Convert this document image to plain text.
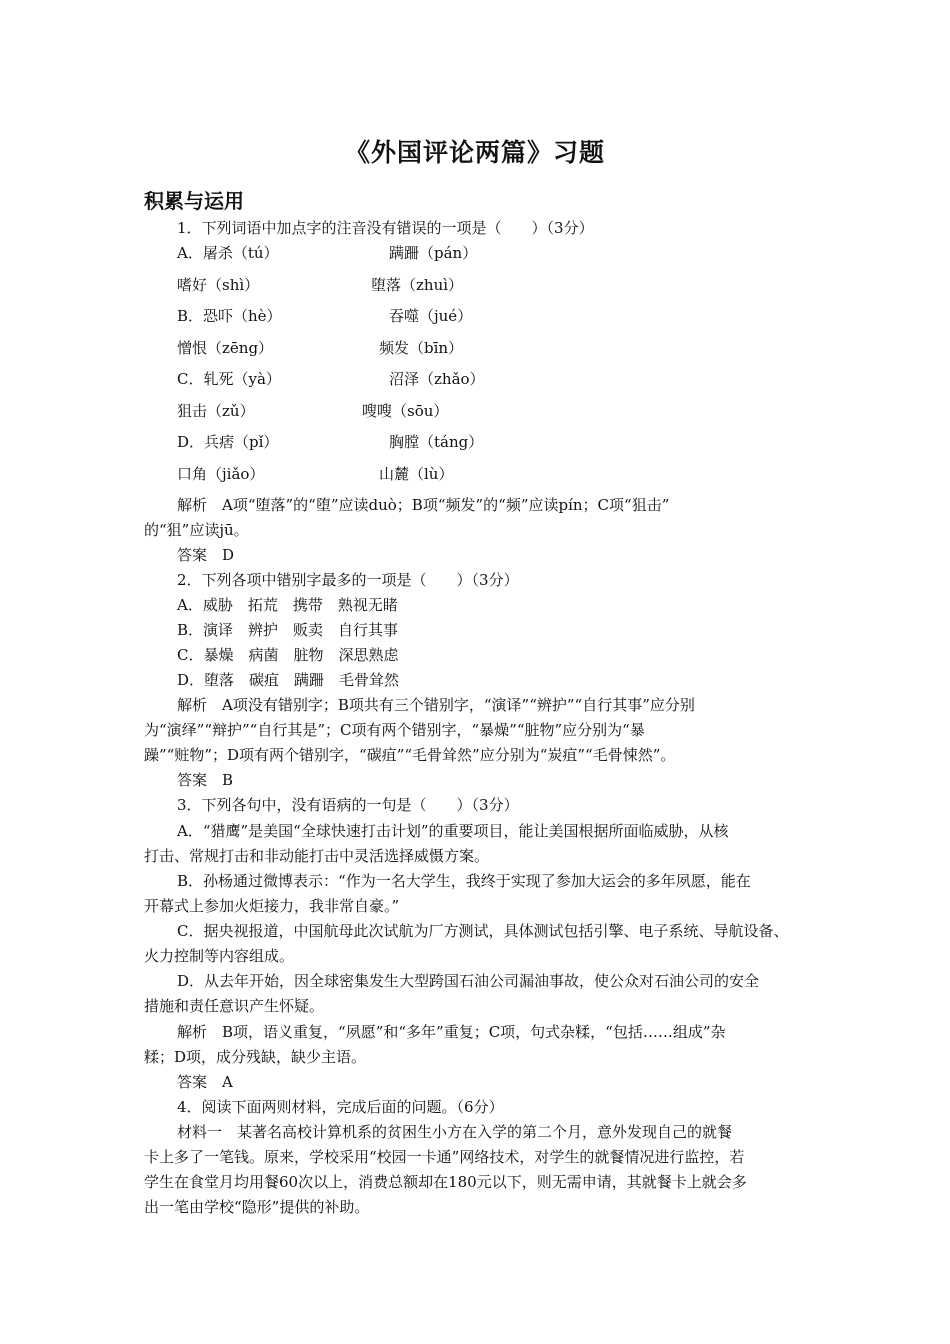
《外国评论两篇》习题
积累与运用
1．下列词语中加点字的注音没有错误的一项是（　　）（3分）
A．屠杀（tú）	蹒跚（pán）
嗜好（shì）	堕落（zhuì）
B．恐吓（hè）	吞噬（jué）
憎恨（zēng）	频发（bīn）
C．轧死（yà）	沼泽（zhǎo）
狙击（zǔ）	嗖嗖（sōu）
D．兵痞（pǐ）	胸膛（táng）
口角（jiǎo）	山麓（lù）
解析　A项“堕落”的“堕”应读duò；B项“频发”的“频”应读pín；C项“狙击”
的“狙”应读jū。
答案　D
2．下列各项中错别字最多的一项是（　　）（3分）
A．威胁　拓荒　携带　熟视无睹
B．演译　辨护　贩卖　自行其事
C．暴燥　病菌　脏物　深思熟虑
D．堕落　碳疽　蹒跚　毛骨耸然
解析　A项没有错别字；B项共有三个错别字，“演译”“辨护”“自行其事”应分别
为“演绎”“辩护”“自行其是”；C项有两个错别字，“暴燥”“脏物”应分别为“暴
躁”“赃物”；D项有两个错别字，“碳疽”“毛骨耸然”应分别为“炭疽”“毛骨悚然”。
答案　B
3．下列各句中，没有语病的一句是（　　）（3分）
A．“猎鹰”是美国“全球快速打击计划”的重要项目，能让美国根据所面临威胁，从核
打击、常规打击和非动能打击中灵活选择威慑方案。
B．孙杨通过微博表示：“作为一名大学生，我终于实现了参加大运会的多年夙愿，能在
开幕式上参加火炬接力，我非常自豪。”
C．据央视报道，中国航母此次试航为厂方测试，具体测试包括引擎、电子系统、导航设备、
火力控制等内容组成。
D．从去年开始，因全球密集发生大型跨国石油公司漏油事故，使公众对石油公司的安全
措施和责任意识产生怀疑。
解析　B项，语义重复，“夙愿”和“多年”重复；C项，句式杂糅，“包括……组成”杂
糅；D项，成分残缺，缺少主语。
答案　A
4．阅读下面两则材料，完成后面的问题。（6分）
材料一　某著名高校计算机系的贫困生小方在入学的第二个月，意外发现自己的就餐
卡上多了一笔钱。原来，学校采用“校园一卡通”网络技术，对学生的就餐情况进行监控，若
学生在食堂月均用餐60次以上，消费总额却在180元以下，则无需申请，其就餐卡上就会多
出一笔由学校“隐形”提供的补助。
